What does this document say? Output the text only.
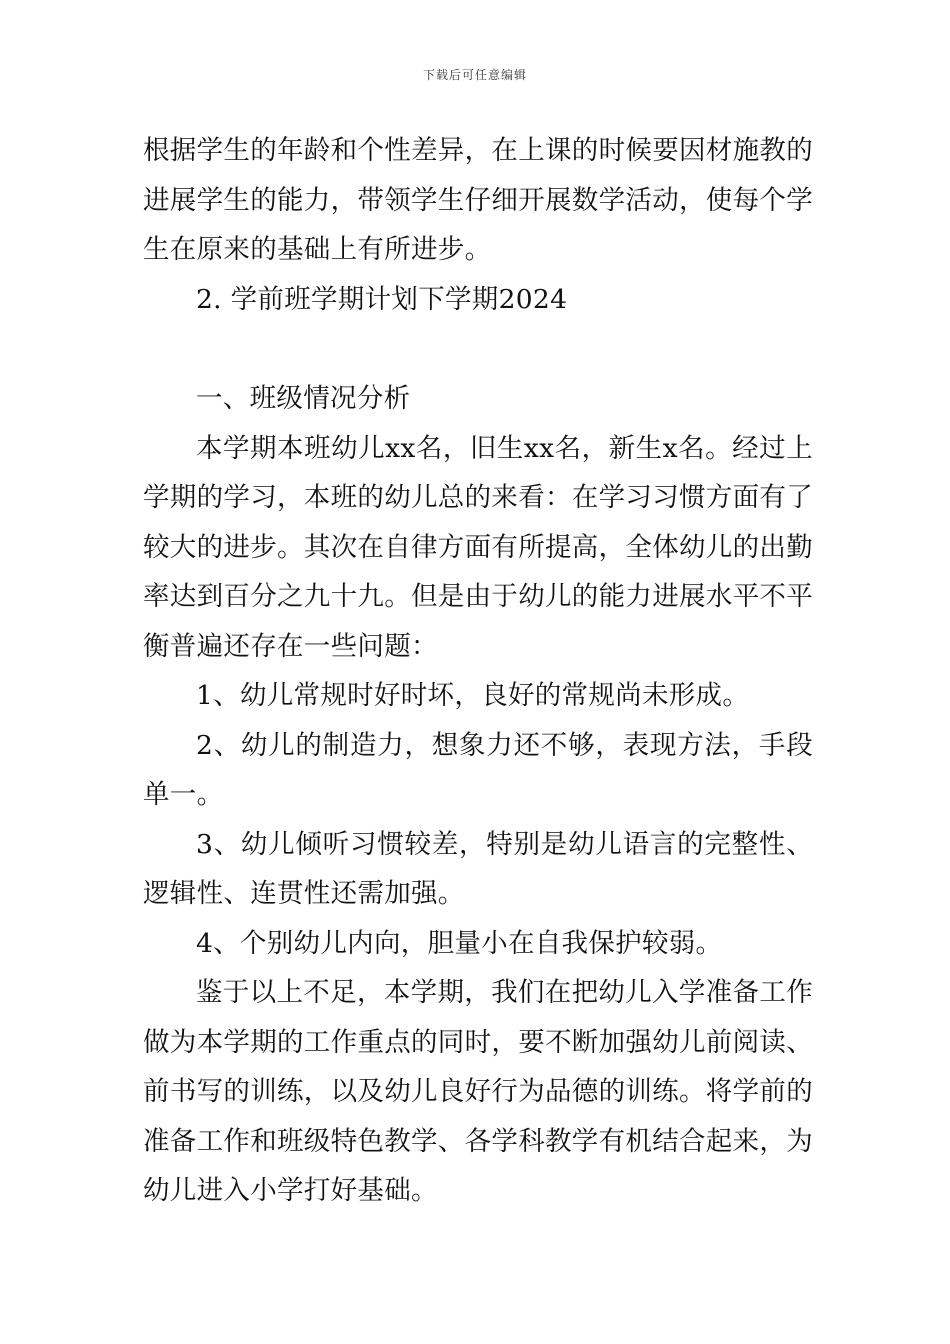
下载后可任意编辑

根据学生的年龄和个性差异，在上课的时候要因材施教的进展学生的能力，带领学生仔细开展数学活动，使每个学生在原来的基础上有所进步。

2. 学前班学期计划下学期2024

一、班级情况分析

本学期本班幼儿xx名，旧生xx名，新生x名。经过上学期的学习，本班的幼儿总的来看：在学习习惯方面有了较大的进步。其次在自律方面有所提高，全体幼儿的出勤率达到百分之九十九。但是由于幼儿的能力进展水平不平衡普遍还存在一些问题：

1、幼儿常规时好时坏，良好的常规尚未形成。

2、幼儿的制造力，想象力还不够，表现方法，手段单一。

3、幼儿倾听习惯较差，特别是幼儿语言的完整性、逻辑性、连贯性还需加强。

4、个别幼儿内向，胆量小在自我保护较弱。

鉴于以上不足，本学期，我们在把幼儿入学准备工作做为本学期的工作重点的同时，要不断加强幼儿前阅读、前书写的训练，以及幼儿良好行为品德的训练。将学前的准备工作和班级特色教学、各学科教学有机结合起来，为幼儿进入小学打好基础。
